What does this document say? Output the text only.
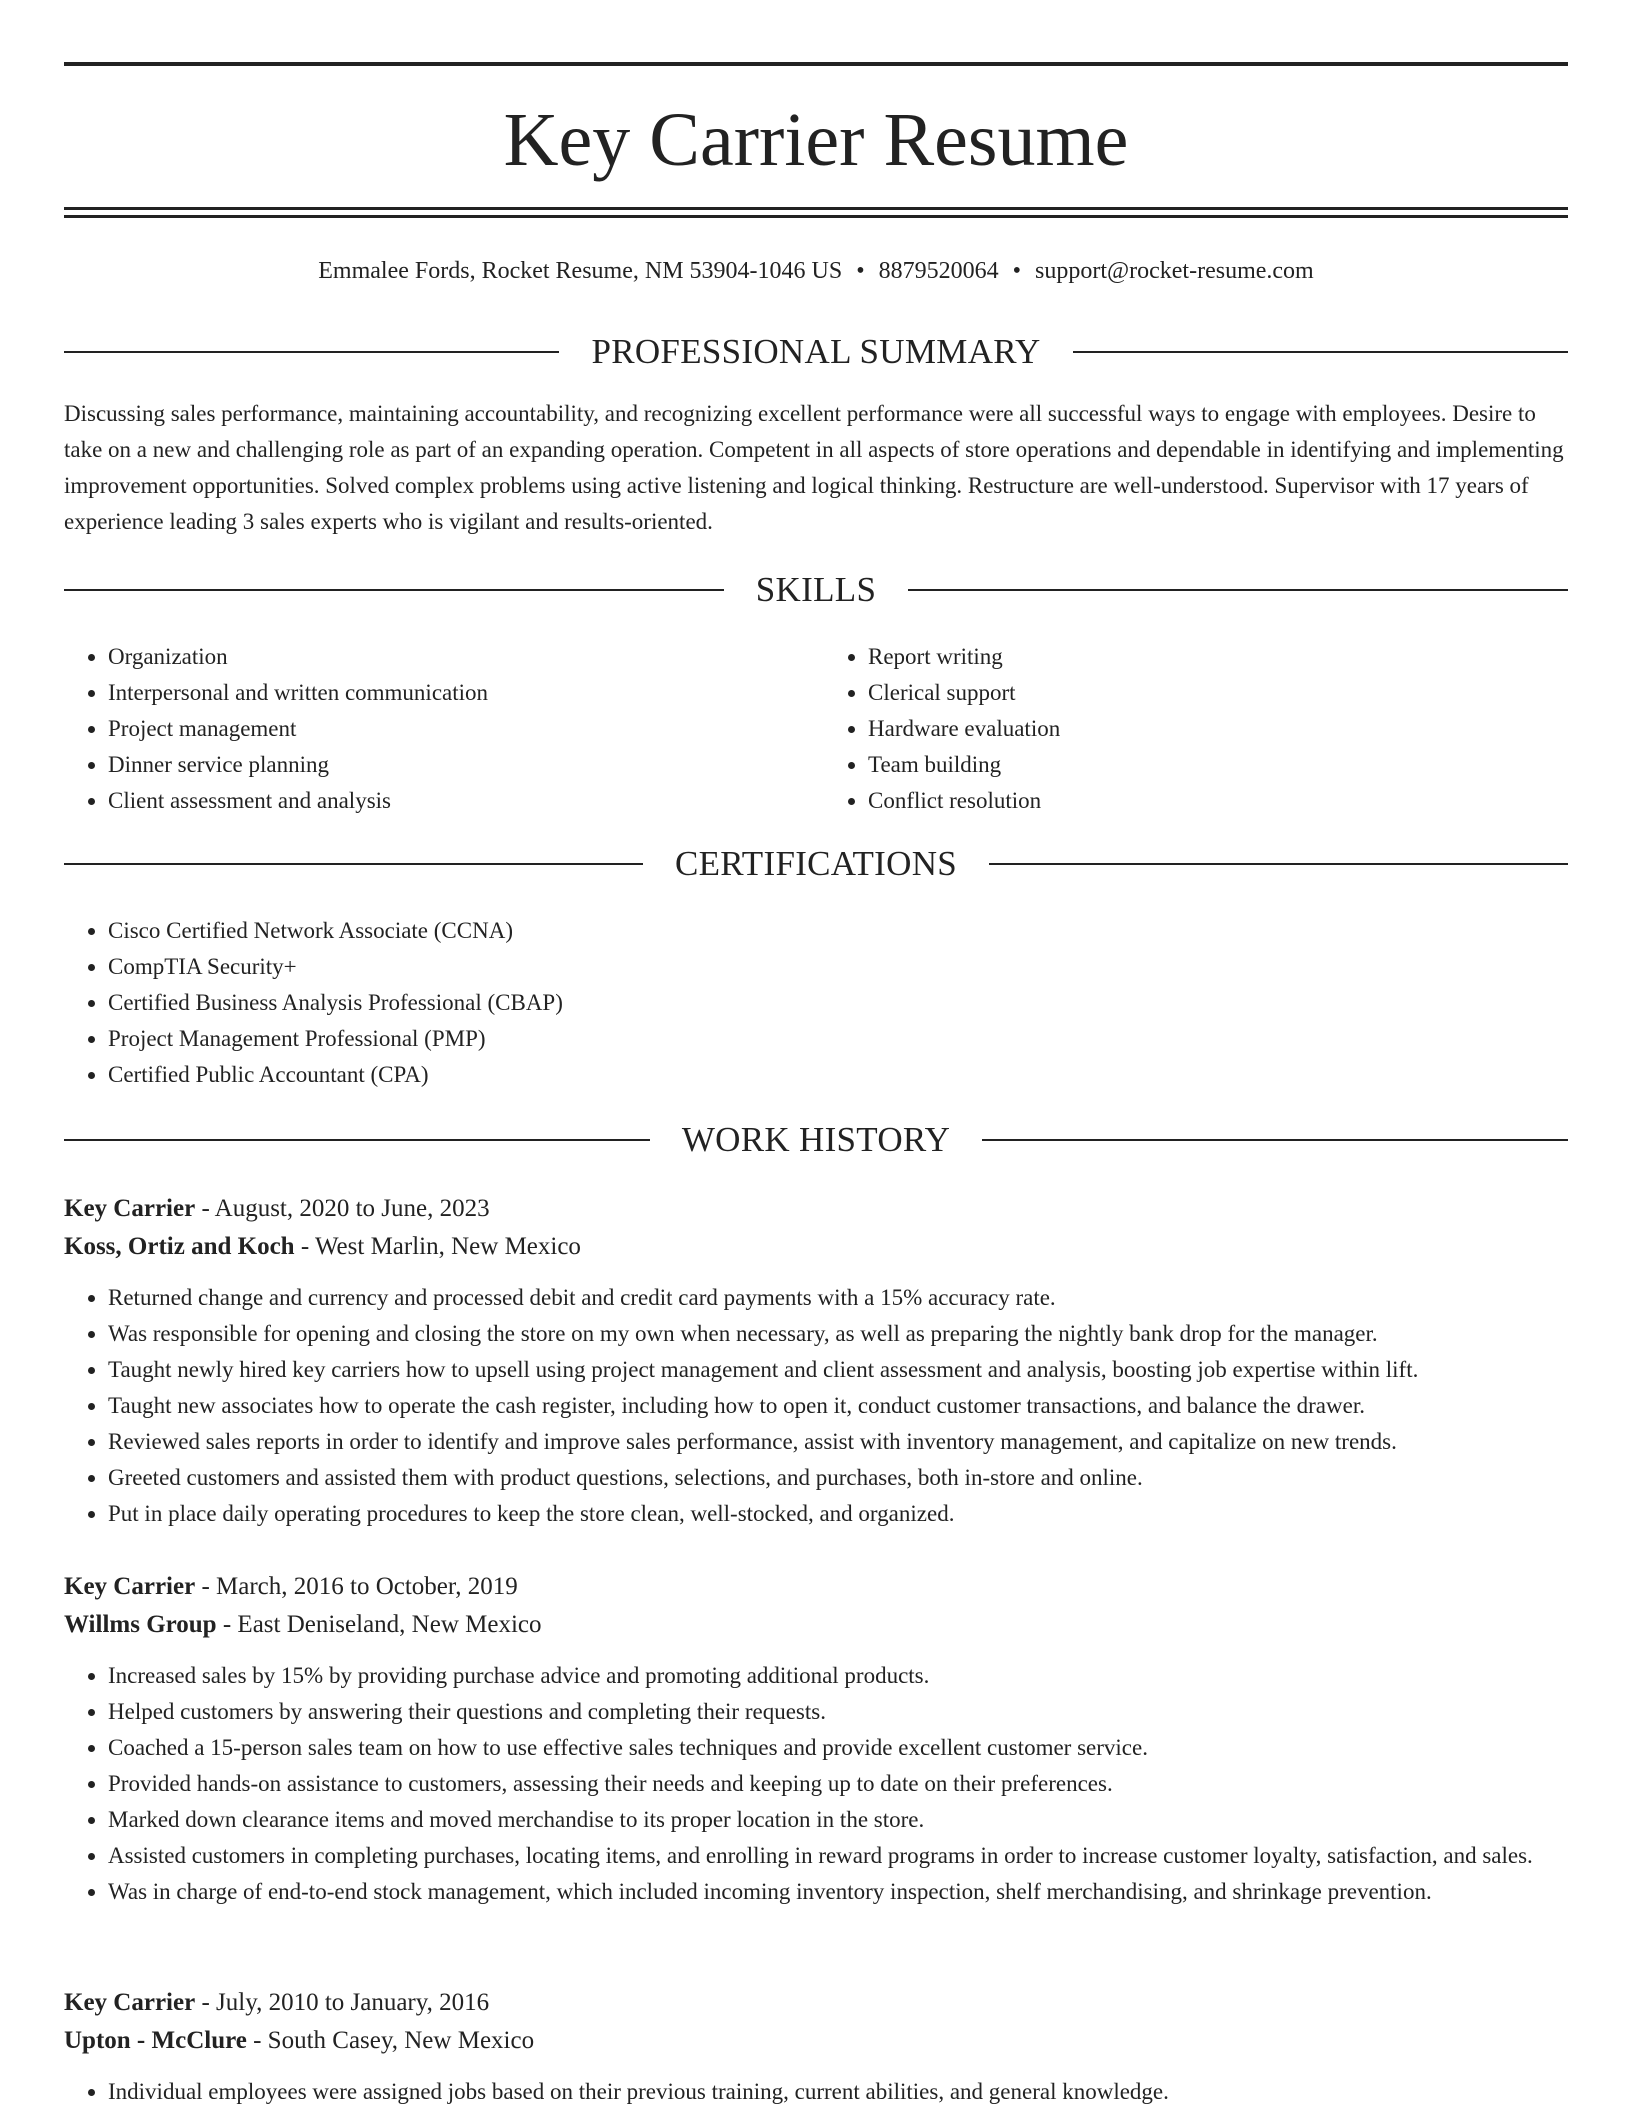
Key Carrier Resume
Emmalee Fords, Rocket Resume, NM 53904-1046 US • 8879520064 • support@rocket-resume.com
PROFESSIONAL SUMMARY

Discussing sales performance, maintaining accountability, and recognizing excellent performance were all successful ways to engage with employees. Desire to take on a new and challenging role as part of an expanding operation. Competent in all aspects of store operations and dependable in identifying and implementing improvement opportunities. Solved complex problems using active listening and logical thinking. Restructure are well-understood. Supervisor with 17 years of experience leading 3 sales experts who is vigilant and results-oriented.

SKILLS
• Organization
• Interpersonal and written communication
• Project management
• Dinner service planning
• Client assessment and analysis
• Report writing
• Clerical support
• Hardware evaluation
• Team building
• Conflict resolution
CERTIFICATIONS
• Cisco Certified Network Associate (CCNA)
• CompTIA Security+
• Certified Business Analysis Professional (CBAP)
• Project Management Professional (PMP)
• Certified Public Accountant (CPA)
WORK HISTORY
Key Carrier - August, 2020 to June, 2023
Koss, Ortiz and Koch - West Marlin, New Mexico
• Returned change and currency and processed debit and credit card payments with a 15% accuracy rate.
• Was responsible for opening and closing the store on my own when necessary, as well as preparing the nightly bank drop for the manager.
• Taught newly hired key carriers how to upsell using project management and client assessment and analysis, boosting job expertise within lift.
• Taught new associates how to operate the cash register, including how to open it, conduct customer transactions, and balance the drawer.
• Reviewed sales reports in order to identify and improve sales performance, assist with inventory management, and capitalize on new trends.
• Greeted customers and assisted them with product questions, selections, and purchases, both in-store and online.
• Put in place daily operating procedures to keep the store clean, well-stocked, and organized.
Key Carrier - March, 2016 to October, 2019
Willms Group - East Deniseland, New Mexico
• Increased sales by 15% by providing purchase advice and promoting additional products.
• Helped customers by answering their questions and completing their requests.
• Coached a 15-person sales team on how to use effective sales techniques and provide excellent customer service.
• Provided hands-on assistance to customers, assessing their needs and keeping up to date on their preferences.
• Marked down clearance items and moved merchandise to its proper location in the store.
• Assisted customers in completing purchases, locating items, and enrolling in reward programs in order to increase customer loyalty, satisfaction, and sales.
• Was in charge of end-to-end stock management, which included incoming inventory inspection, shelf merchandising, and shrinkage prevention.
Key Carrier - July, 2010 to January, 2016
Upton - McClure - South Casey, New Mexico
• Individual employees were assigned jobs based on their previous training, current abilities, and general knowledge.
